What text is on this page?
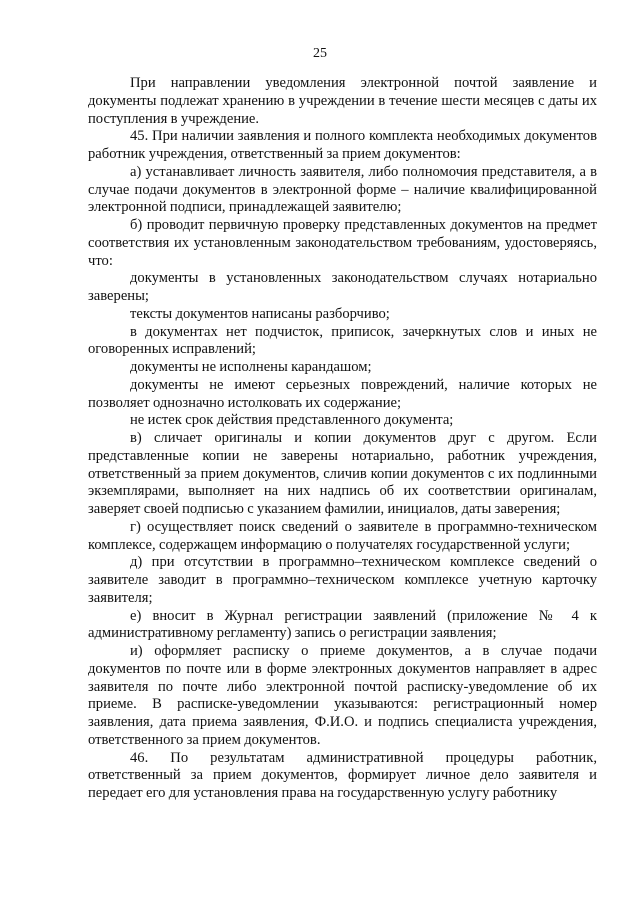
25

При направлении уведомления электронной почтой заявление и документы подлежат хранению в учреждении в течение шести месяцев с даты их поступления в учреждение.

45. При наличии заявления и полного комплекта необходимых документов работник учреждения, ответственный за прием документов:

а) устанавливает личность заявителя, либо полномочия представителя, а в случае подачи документов в электронной форме – наличие квалифицированной электронной подписи, принадлежащей заявителю;

б) проводит первичную проверку представленных документов на предмет соответствия их установленным законодательством требованиям, удостоверяясь, что:

документы в установленных законодательством случаях нотариально заверены;

тексты документов написаны разборчиво;

в документах нет подчисток, приписок, зачеркнутых слов и иных не оговоренных исправлений;

документы не исполнены карандашом;

документы не имеют серьезных повреждений, наличие которых не позволяет однозначно истолковать их содержание;

не истек срок действия представленного документа;

в) сличает оригиналы и копии документов друг с другом. Если представленные копии не заверены нотариально, работник учреждения, ответственный за прием документов, сличив копии документов с их подлинными экземплярами, выполняет на них надпись об их соответствии оригиналам, заверяет своей подписью с указанием фамилии, инициалов, даты заверения;

г) осуществляет поиск сведений о заявителе в программно-техническом комплексе, содержащем информацию о получателях государственной услуги;

д) при отсутствии в программно–техническом комплексе сведений о заявителе заводит в программно–техническом комплексе учетную карточку заявителя;

е) вносит в Журнал регистрации заявлений (приложение № 4 к административному регламенту) запись о регистрации заявления;

и) оформляет расписку о приеме документов, а в случае подачи документов по почте или в форме электронных документов направляет в адрес заявителя по почте либо электронной почтой расписку-уведомление об их приеме. В расписке-уведомлении указываются: регистрационный номер заявления, дата приема заявления, Ф.И.О. и подпись специалиста учреждения, ответственного за прием документов.

46. По результатам административной процедуры работник, ответственный за прием документов, формирует личное дело заявителя и передает его для установления права на государственную услугу работнику
